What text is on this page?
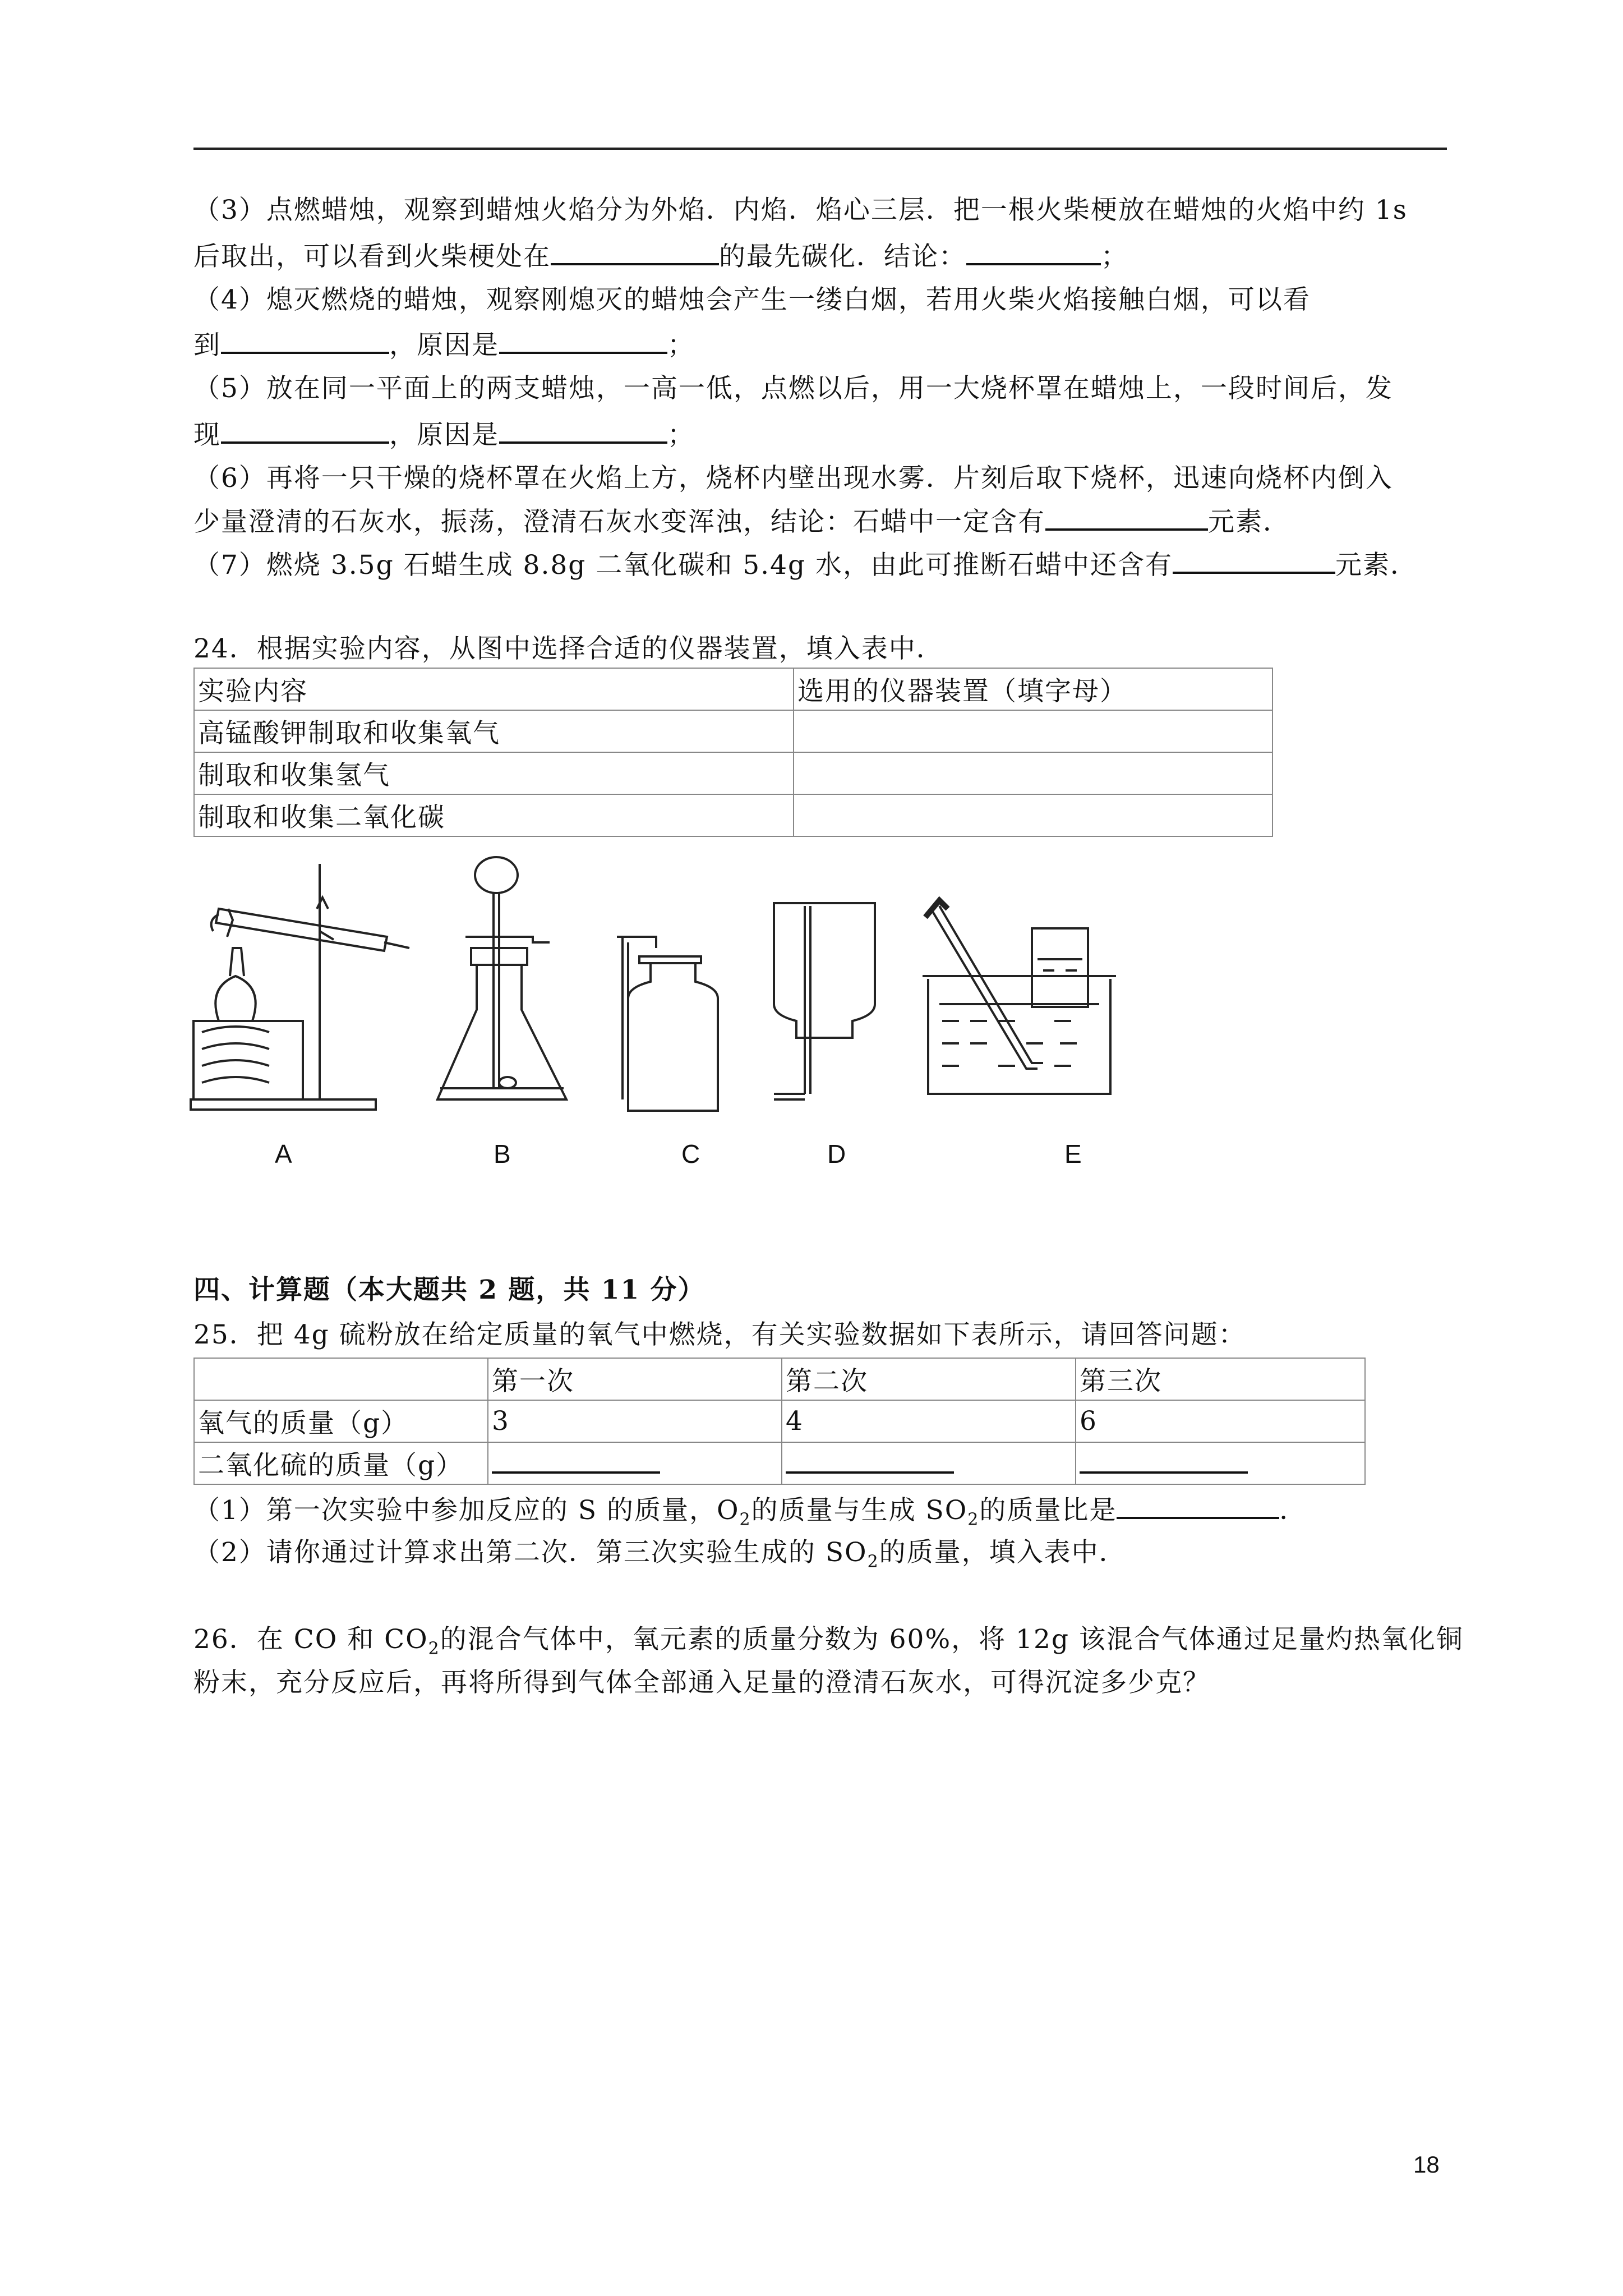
（3）点燃蜡烛，观察到蜡烛火焰分为外焰．内焰．焰心三层．把一根火柴梗放在蜡烛的火焰中约 1s
后取出，可以看到火柴梗处在	的最先碳化．结论：	；
（4）熄灭燃烧的蜡烛，观察刚熄灭的蜡烛会产生一缕白烟，若用火柴火焰接触白烟，可以看
到	，原因是	；
（5）放在同一平面上的两支蜡烛，一高一低，点燃以后，用一大烧杯罩在蜡烛上，一段时间后，发
现	，原因是	；
（6）再将一只干燥的烧杯罩在火焰上方，烧杯内壁出现水雾．片刻后取下烧杯，迅速向烧杯内倒入
少量澄清的石灰水，振荡，澄清石灰水变浑浊，结论：石蜡中一定含有	元素．
（7）燃烧 3.5g 石蜡生成 8.8g 二氧化碳和 5.4g 水，由此可推断石蜡中还含有	元素．
24．根据实验内容，从图中选择合适的仪器装置，填入表中．
实验内容	选用的仪器装置（填字母）
高锰酸钾制取和收集氧气	
制取和收集氢气	
制取和收集二氧化碳	
A	B	C	D	E
四、计算题（本大题共 2 题，共 11 分）
25．把 4g 硫粉放在给定质量的氧气中燃烧，有关实验数据如下表所示，请回答问题：
	第一次	第二次	第三次
氧气的质量（g）	3	4	6
二氧化硫的质量（g）			
（1）第一次实验中参加反应的 S 的质量，$O_2$的质量与生成 $SO_2$的质量比是	．
（2）请你通过计算求出第二次．第三次实验生成的 $SO_2$的质量，填入表中．
26．在 CO 和 $CO_2$的混合气体中，氧元素的质量分数为 60%，将 12g 该混合气体通过足量灼热氧化铜
粉末，充分反应后，再将所得到气体全部通入足量的澄清石灰水，可得沉淀多少克？
18
